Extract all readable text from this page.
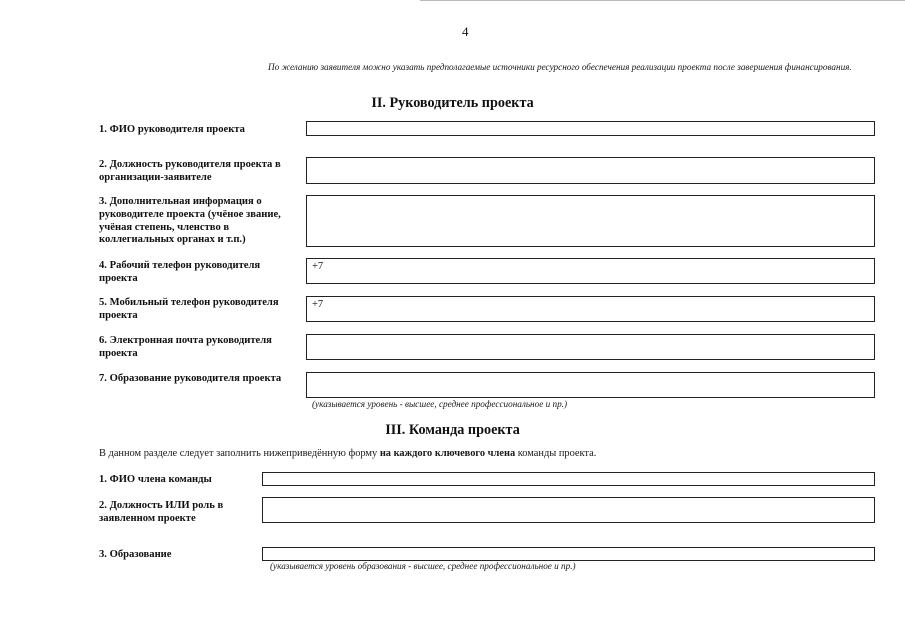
4
По желанию заявителя можно указать предполагаемые источники ресурсного обеспечения реализации проекта после завершения финансирования.
II. Руководитель проекта
1. ФИО руководителя проекта
2. Должность руководителя проекта в организации-заявителе
3. Дополнительная информация о руководителе проекта (учёное звание, учёная степень, членство в коллегиальных органах и т.п.)
4. Рабочий телефон руководителя проекта
+7
5. Мобильный телефон руководителя проекта
+7
6. Электронная почта руководителя проекта
7. Образование руководителя проекта
(указывается уровень - высшее, среднее профессиональное и пр.)
III. Команда проекта
В данном разделе следует заполнить нижеприведённую форму на каждого ключевого члена команды проекта.
1. ФИО члена команды
2. Должность ИЛИ роль в заявленном проекте
3. Образование
(указывается уровень образования - высшее, среднее профессиональное и пр.)
